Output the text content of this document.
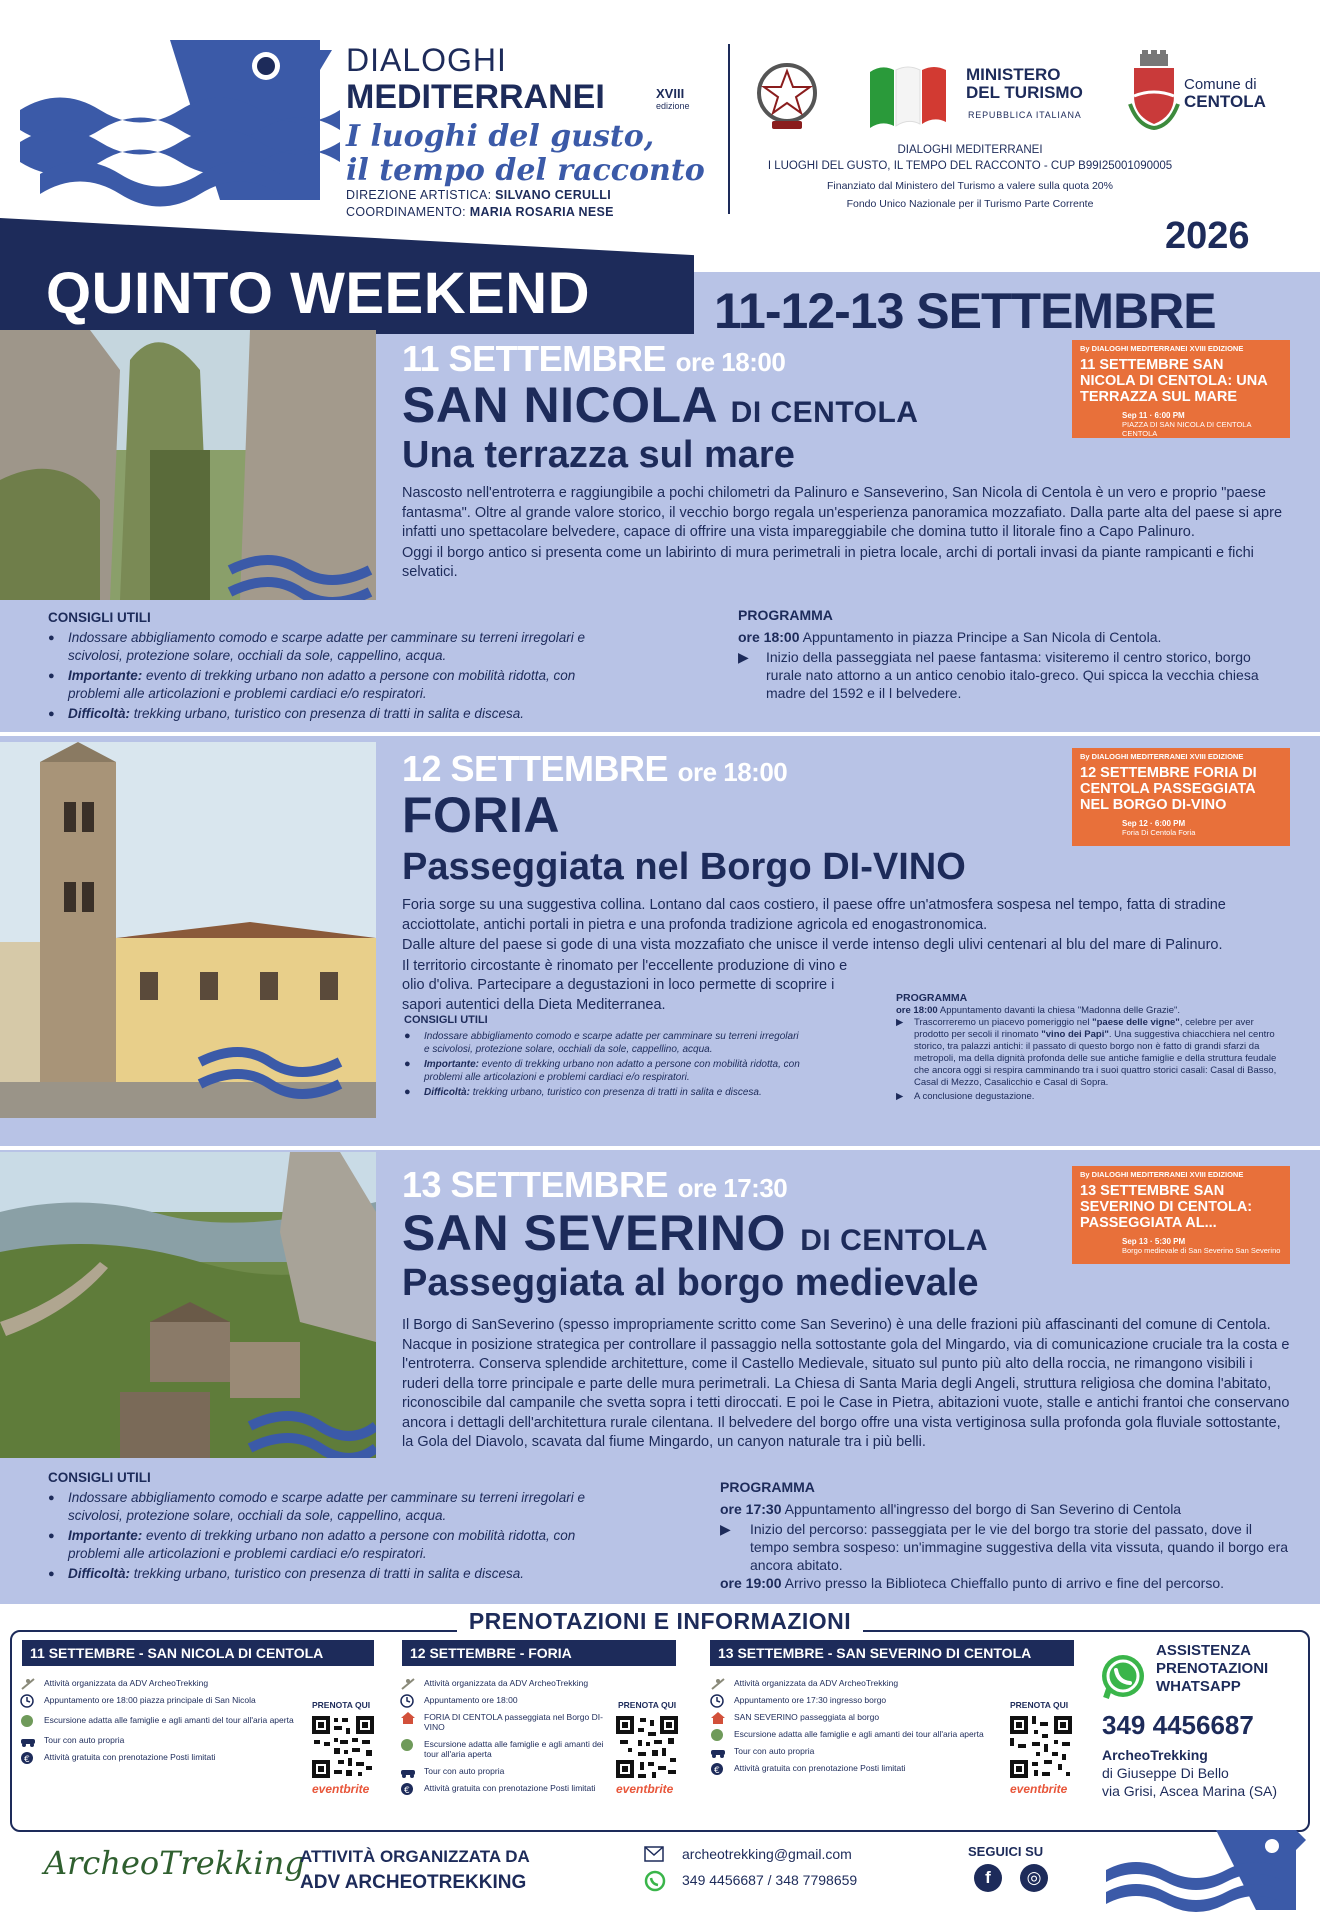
DIALOGHI
MEDITERRANEI	XVIII
edizione
I luoghi del gusto,
il tempo del racconto
DIREZIONE ARTISTICA: SILVANO CERULLI
COORDINAMENTO: MARIA ROSARIA NESE
MINISTERO
DEL TURISMO
REPUBBLICA ITALIANA
Comune di
CENTOLA
DIALOGHI MEDITERRANEI
I LUOGHI DEL GUSTO, IL TEMPO DEL RACCONTO - CUP B99I25001090005
Finanziato dal Ministero del Turismo a valere sulla quota 20%
Fondo Unico Nazionale per il Turismo Parte Corrente
2026
QUINTO WEEKEND 11-12-13 SETTEMBRE
11 SETTEMBRE ore 18:00
SAN NICOLA DI CENTOLA
Una terrazza sul mare
By DIALOGHI MEDITERRANEI XVIII EDIZIONE
11 SETTEMBRE SAN NICOLA DI CENTOLA: UNA TERRAZZA SUL MARE
Sep 11 · 6:00 PM
PIAZZA DI SAN NICOLA DI CENTOLA CENTOLA

Nascosto nell'entroterra e raggiungibile a pochi chilometri da Palinuro e Sanseverino, San Nicola di Centola è un vero e proprio "paese fantasma". Oltre al grande valore storico, il vecchio borgo regala un'esperienza panoramica mozzafiato. Dalla parte alta del paese si apre infatti uno spettacolare belvedere, capace di offrire una vista impareggiabile che domina tutto il litorale fino a Capo Palinuro.

Oggi il borgo antico si presenta come un labirinto di mura perimetrali in pietra locale, archi di portali invasi da piante rampicanti e fichi selvatici.

CONSIGLI UTILI
● Indossare abbigliamento comodo e scarpe adatte per camminare su terreni irregolari e scivolosi, protezione solare, occhiali da sole, cappellino, acqua.
● Importante: evento di trekking urbano non adatto a persone con mobilità ridotta, con problemi alle articolazioni e problemi cardiaci e/o respiratori.
● Difficoltà: trekking urbano, turistico con presenza di tratti in salita e discesa.
PROGRAMMA
ore 18:00 Appuntamento in piazza Principe a San Nicola di Centola.
▶ Inizio della passeggiata nel paese fantasma: visiteremo il centro storico, borgo rurale nato attorno a un antico cenobio italo-greco. Qui spicca la vecchia chiesa madre del 1592 e il l belvedere.
12 SETTEMBRE ore 18:00
FORIA
Passeggiata nel Borgo DI-VINO
By DIALOGHI MEDITERRANEI XVIII EDIZIONE
12 SETTEMBRE FORIA DI CENTOLA PASSEGGIATA NEL BORGO DI-VINO
Sep 12 · 6:00 PM
Foria Di Centola Foria

Foria sorge su una suggestiva collina. Lontano dal caos costiero, il paese offre un'atmosfera sospesa nel tempo, fatta di stradine acciottolate, antichi portali in pietra e una profonda tradizione agricola ed enogastronomica.

Dalle alture del paese si gode di una vista mozzafiato che unisce il verde intenso degli ulivi centenari al blu del mare di Palinuro.

Il territorio circostante è rinomato per l'eccellente produzione di vino e olio d'oliva. Partecipare a degustazioni in loco permette di scoprire i sapori autentici della Dieta Mediterranea.

CONSIGLI UTILI
● Indossare abbigliamento comodo e scarpe adatte per camminare su terreni irregolari e scivolosi, protezione solare, occhiali da sole, cappellino, acqua.
● Importante: evento di trekking urbano non adatto a persone con mobilità ridotta, con problemi alle articolazioni e problemi cardiaci e/o respiratori.
● Difficoltà: trekking urbano, turistico con presenza di tratti in salita e discesa.
PROGRAMMA
ore 18:00 Appuntamento davanti la chiesa "Madonna delle Grazie".
▶ Trascorreremo un piacevo pomeriggio nel "paese delle vigne", celebre per aver prodotto per secoli il rinomato "vino dei Papi". Una suggestiva chiacchiera nel centro storico, tra palazzi antichi: il passato di questo borgo non è fatto di grandi sfarzi da metropoli, ma della dignità profonda delle sue antiche famiglie e della struttura feudale che ancora oggi si respira camminando tra i suoi quattro storici casali: Casal di Basso, Casal di Mezzo, Casalicchio e Casal di Sopra.
▶ A conclusione degustazione.
13 SETTEMBRE ore 17:30
SAN SEVERINO DI CENTOLA
Passeggiata al borgo medievale
By DIALOGHI MEDITERRANEI XVIII EDIZIONE
13 SETTEMBRE SAN SEVERINO DI CENTOLA: PASSEGGIATA AL...
Sep 13 · 5:30 PM
Borgo medievale di San Severino San Severino

Il Borgo di SanSeverino (spesso impropriamente scritto come San Severino) è una delle frazioni più affascinanti del comune di Centola. Nacque in posizione strategica per controllare il passaggio nella sottostante gola del Mingardo, via di comunicazione cruciale tra la costa e l'entroterra. Conserva splendide architetture, come il Castello Medievale, situato sul punto più alto della roccia, ne rimangono visibili i ruderi della torre principale e parte delle mura perimetrali. La Chiesa di Santa Maria degli Angeli, struttura religiosa che domina l'abitato, riconoscibile dal campanile che svetta sopra i tetti diroccati. E poi le Case in Pietra, abitazioni vuote, stalle e antichi frantoi che conservano ancora i dettagli dell'architettura rurale cilentana. Il belvedere del borgo offre una vista vertiginosa sulla profonda gola fluviale sottostante, la Gola del Diavolo, scavata dal fiume Mingardo, un canyon naturale tra i più belli.

CONSIGLI UTILI
● Indossare abbigliamento comodo e scarpe adatte per camminare su terreni irregolari e scivolosi, protezione solare, occhiali da sole, cappellino, acqua.
● Importante: evento di trekking urbano non adatto a persone con mobilità ridotta, con problemi alle articolazioni e problemi cardiaci e/o respiratori.
● Difficoltà: trekking urbano, turistico con presenza di tratti in salita e discesa.
PROGRAMMA
ore 17:30 Appuntamento all'ingresso del borgo di San Severino di Centola
▶ Inizio del percorso: passeggiata per le vie del borgo tra storie del passato, dove il tempo sembra sospeso: un'immagine suggestiva della vita vissuta, quando il borgo era ancora abitato.
ore 19:00 Arrivo presso la Biblioteca Chieffallo punto di arrivo e fine del percorso.
PRENOTAZIONI E INFORMAZIONI
11 SETTEMBRE - SAN NICOLA DI CENTOLA
Attività organizzata da ADV ArcheoTrekking
Appuntamento ore 18:00 piazza principale di San Nicola
Escursione adatta alle famiglie e agli amanti del tour all'aria aperta
Tour con auto propria
€ Attività gratuita con prenotazione Posti limitati
PRENOTA QUI
eventbrite
12 SETTEMBRE - FORIA
Attività organizzata da ADV ArcheoTrekking
Appuntamento ore 18:00
FORIA DI CENTOLA passeggiata nel Borgo DI-VINO
Escursione adatta alle famiglie e agli amanti dei tour all'aria aperta
Tour con auto propria
€ Attività gratuita con prenotazione Posti limitati
PRENOTA QUI
eventbrite
13 SETTEMBRE - SAN SEVERINO DI CENTOLA
Attività organizzata da ADV ArcheoTrekking
Appuntamento ore 17:30 ingresso borgo
SAN SEVERINO passeggiata al borgo
Escursione adatta alle famiglie e agli amanti dei tour all'aria aperta
Tour con auto propria
€ Attività gratuita con prenotazione Posti limitati
PRENOTA QUI
eventbrite
ASSISTENZA
PRENOTAZIONI
WHATSAPP
349 4456687
ArcheoTrekking
di Giuseppe Di Bello
via Grisi, Ascea Marina (SA)
ArcheoTrekking
ATTIVITÀ ORGANIZZATA DA
ADV ARCHEOTREKKING
archeotrekking@gmail.com
349 4456687 / 348 7798659
SEGUICI SU
f	◎
